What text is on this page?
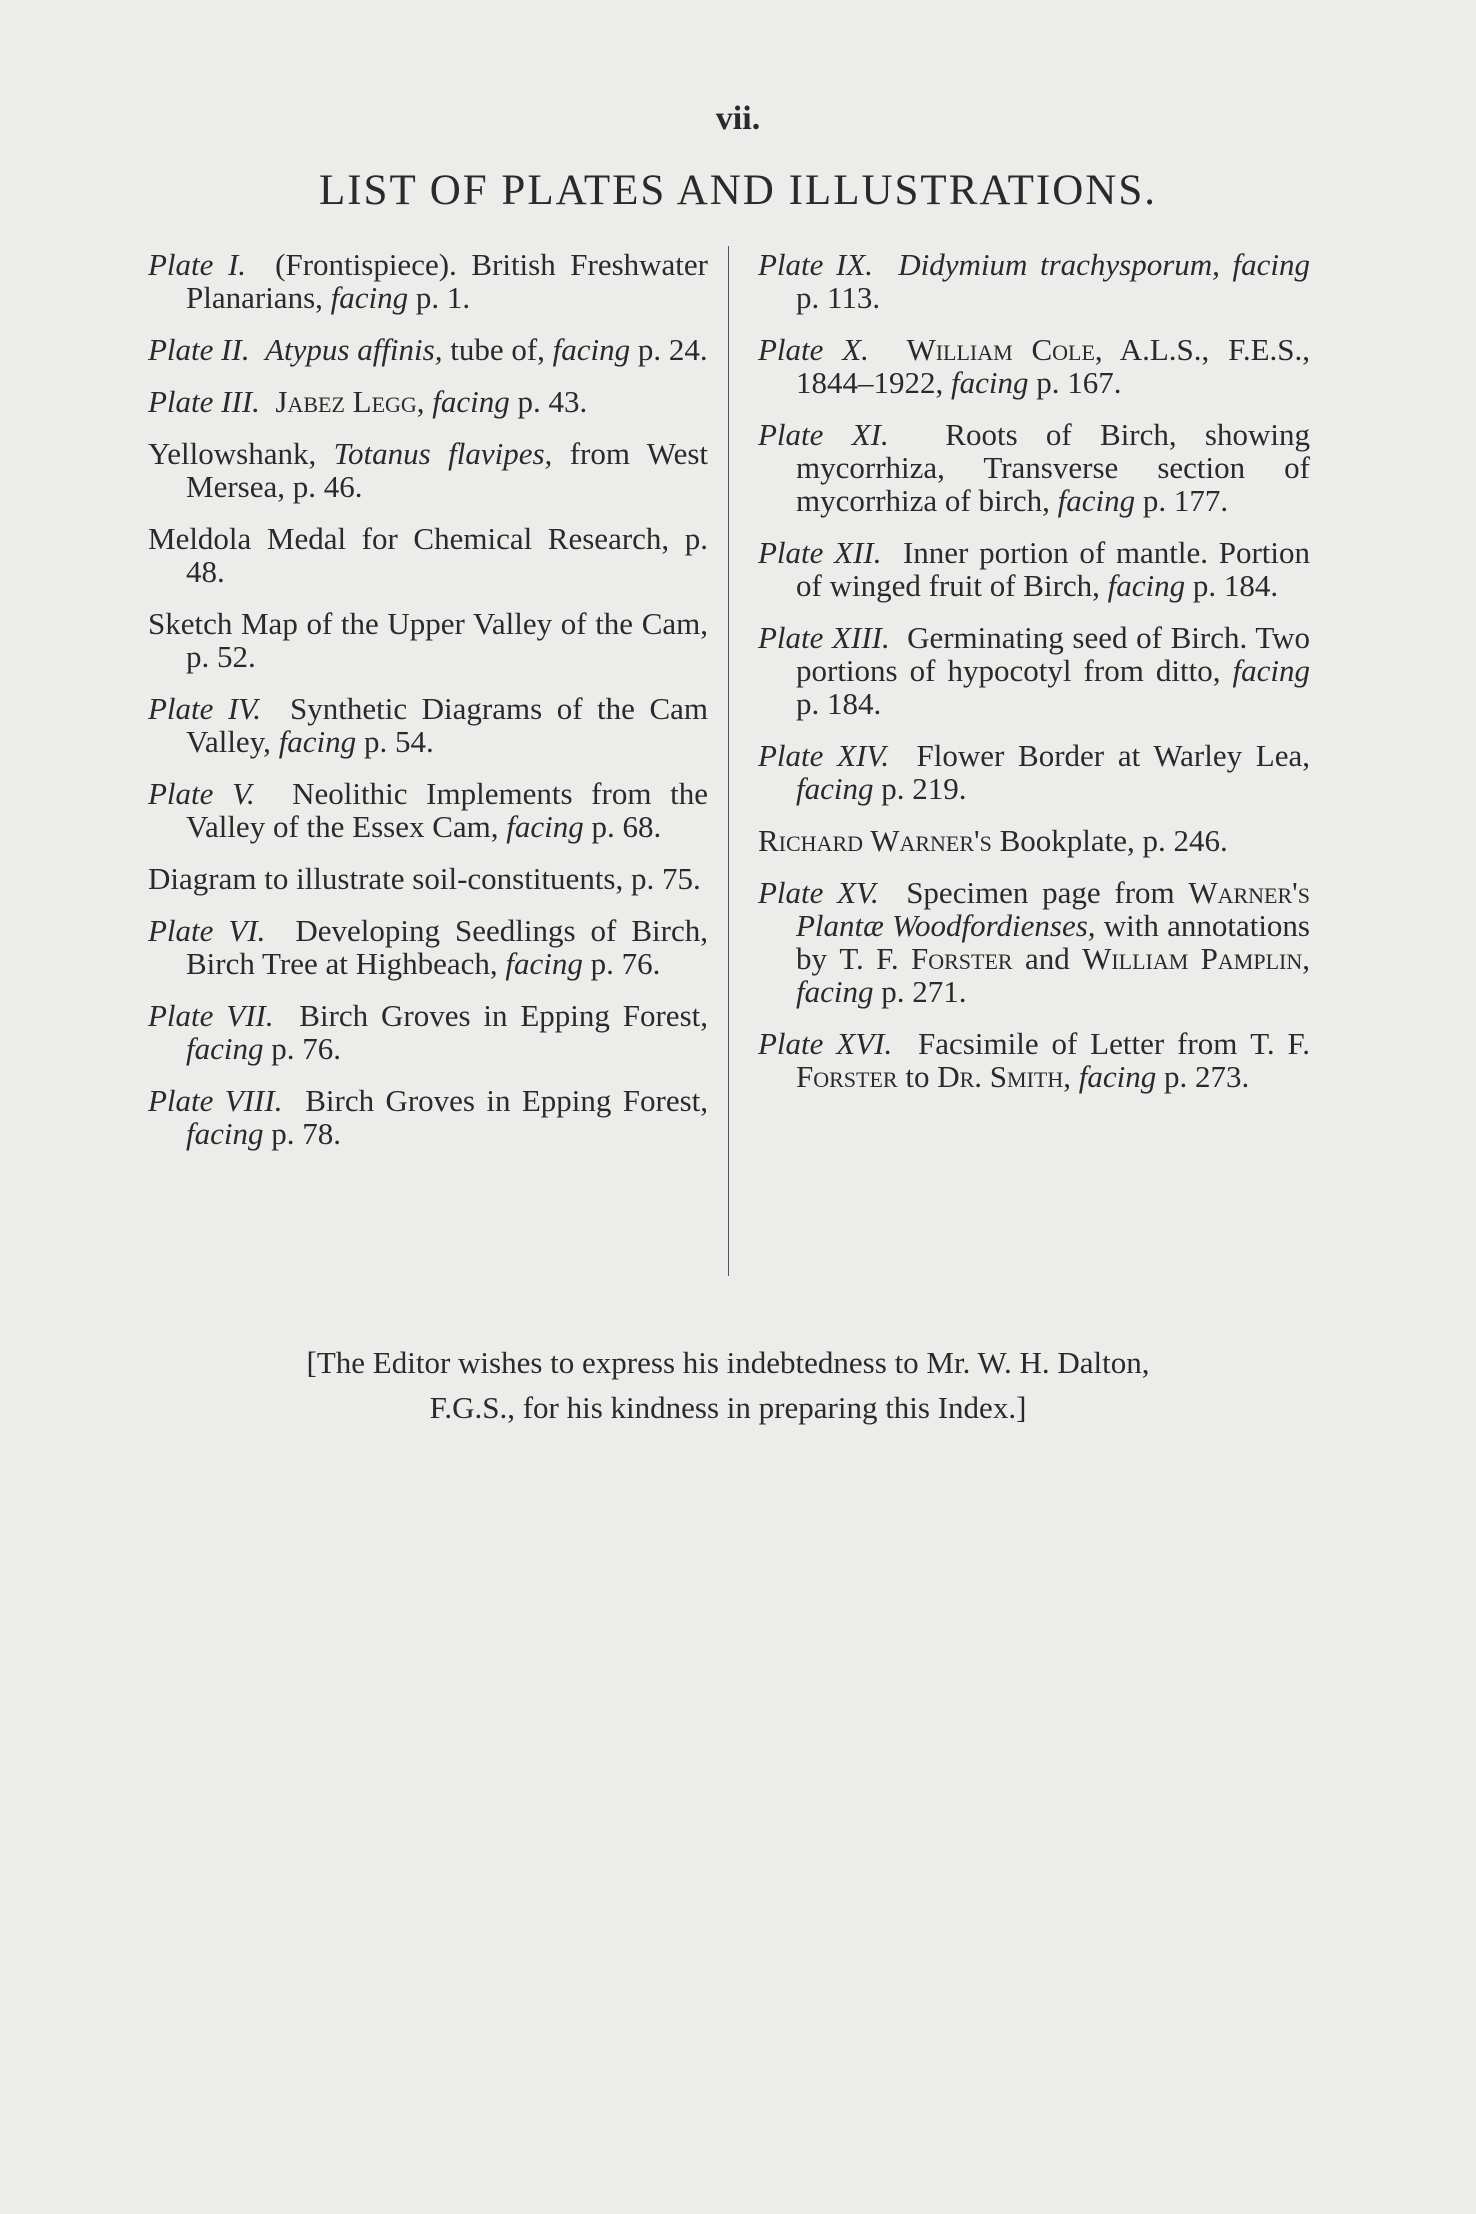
vii.
LIST OF PLATES AND ILLUSTRATIONS.

Plate I. (Frontispiece). British Freshwater Planarians, facing p. 1.

Plate II. Atypus affinis, tube of, facing p. 24.

Plate III. Jabez Legg, facing p. 43.

Yellowshank, Totanus flavipes, from West Mersea, p. 46.

Meldola Medal for Chemical Research, p. 48.

Sketch Map of the Upper Valley of the Cam, p. 52.

Plate IV. Synthetic Diagrams of the Cam Valley, facing p. 54.

Plate V. Neolithic Implements from the Valley of the Essex Cam, facing p. 68.

Diagram to illustrate soil-constituents, p. 75.

Plate VI. Developing Seedlings of Birch, Birch Tree at Highbeach, facing p. 76.

Plate VII. Birch Groves in Epping Forest, facing p. 76.

Plate VIII. Birch Groves in Epping Forest, facing p. 78.

Plate IX. Didymium trachysporum, facing p. 113.

Plate X. William Cole, A.L.S., F.E.S., 1844–1922, facing p. 167.

Plate XI. Roots of Birch, showing mycorrhiza, Transverse section of mycorrhiza of birch, facing p. 177.

Plate XII. Inner portion of mantle. Portion of winged fruit of Birch, facing p. 184.

Plate XIII. Germinating seed of Birch. Two portions of hypocotyl from ditto, facing p. 184.

Plate XIV. Flower Border at Warley Lea, facing p. 219.

Richard Warner's Bookplate, p. 246.

Plate XV. Specimen page from Warner's Plantæ Woodfordienses, with annotations by T. F. Forster and William Pamplin, facing p. 271.

Plate XVI. Facsimile of Letter from T. F. Forster to Dr. Smith, facing p. 273.

[The Editor wishes to express his indebtedness to Mr. W. H. Dalton,
F.G.S., for his kindness in preparing this Index.]
